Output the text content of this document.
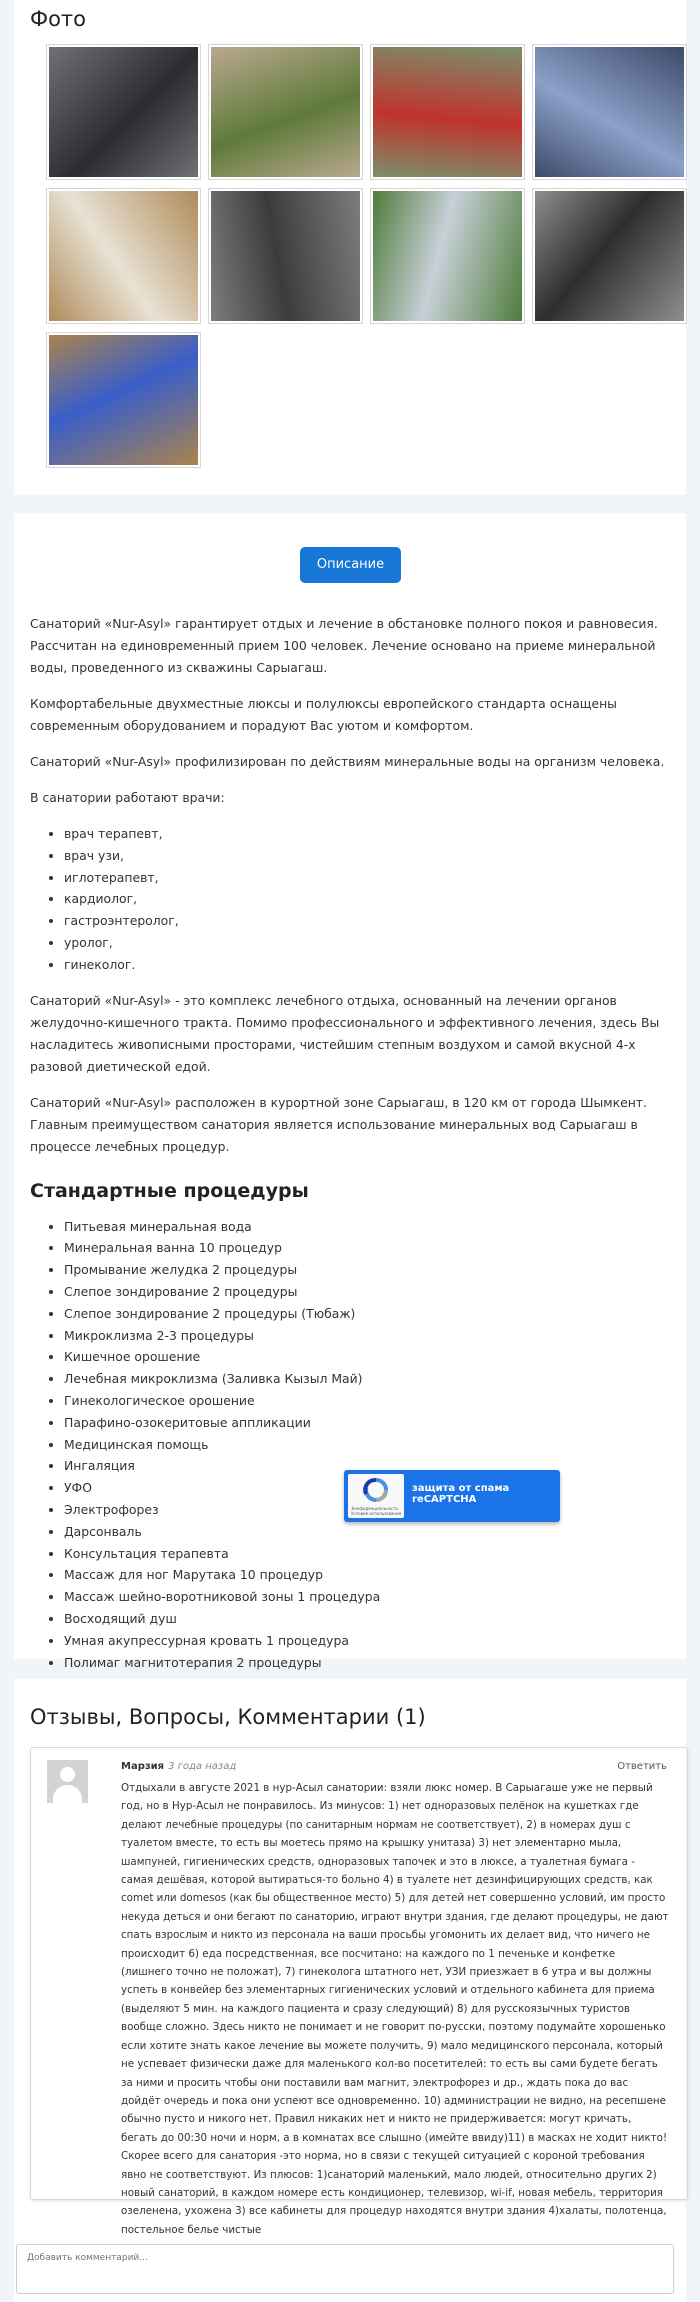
Фото
Описание

Санаторий «Nur-Asyl» гарантирует отдых и лечение в обстановке полного покоя и равновесия. Рассчитан на единовременный прием 100 человек. Лечение основано на приеме минеральной воды, проведенного из скважины Сарыагаш.

Комфортабельные двухместные люксы и полулюксы европейского стандарта оснащены современным оборудованием и порадуют Вас уютом и комфортом.

Санаторий «Nur-Asyl» профилизирован по действиям минеральные воды на организм человека.

В санатории работают врачи:

• врач терапевт,
• врач узи,
• иглотерапевт,
• кардиолог,
• гастроэнтеролог,
• уролог,
• гинеколог.

Санаторий «Nur-Asyl» - это комплекс лечебного отдыха, основанный на лечении органов желудочно-кишечного тракта. Помимо профессионального и эффективного лечения, здесь Вы насладитесь живописными просторами, чистейшим степным воздухом и самой вкусной 4-х разовой диетической едой.

Санаторий «Nur-Asyl» расположен в курортной зоне Сарыагаш, в 120 км от города Шымкент. Главным преимуществом санатория является использование минеральных вод Сарыагаш в процессе лечебных процедур.

Стандартные процедуры
• Питьевая минеральная вода
• Минеральная ванна 10 процедур
• Промывание желудка 2 процедуры
• Слепое зондирование 2 процедуры
• Слепое зондирование 2 процедуры (Тюбаж)
• Микроклизма 2-3 процедуры
• Кишечное орошение
• Лечебная микроклизма (Заливка Кызыл Май)
• Гинекологическое орошение
• Парафино-озокеритовые аппликации
• Медицинская помощь
• Ингаляция
• УФО
• Электрофорез
• Дарсонваль
• Консультация терапевта
• Массаж для ног Марутака 10 процедур
• Массаж шейно-воротниковой зоны 1 процедура
• Восходящий душ
• Умная акупрессурная кровать 1 процедура
• Полимаг магнитотерапия 2 процедуры
Конфиденциальность · Условия использования
защита от спама reCAPTCHA
Отзывы, Вопросы, Комментарии (1)
Марзия 3 года назад	Ответить
Отдыхали в августе 2021 в нур-Асыл санатории: взяли люкс номер. В Сарыагаше уже не первый год, но в Нур-Асыл не понравилось. Из минусов: 1) нет одноразовых пелёнок на кушетках где делают лечебные процедуры (по санитарным нормам не соответствует), 2) в номерах душ с туалетом вместе, то есть вы моетесь прямо на крышку унитаза) 3) нет элементарно мыла, шампуней, гигиенических средств, одноразовых тапочек и это в люксе, а туалетная бумага - самая дешёвая, которой вытираться-то больно 4) в туалете нет дезинфицирующих средств, как comet или domesos (как бы общественное место) 5) для детей нет совершенно условий, им просто некуда деться и они бегают по санаторию, играют внутри здания, где делают процедуры, не дают спать взрослым и никто из персонала на ваши просьбы угомонить их делает вид, что ничего не происходит 6) еда посредственная, все посчитано: на каждого по 1 печеньке и конфетке (лишнего точно не положат), 7) гинеколога штатного нет, УЗИ приезжает в 6 утра и вы должны успеть в конвейер без элементарных гигиенических условий и отдельного кабинета для приема (выделяют 5 мин. на каждого пациента и сразу следующий) 8) для русскоязычных туристов вообще сложно. Здесь никто не понимает и не говорит по-русски, поэтому подумайте хорошенько если хотите знать какое лечение вы можете получить, 9) мало медицинского персонала, который не успевает физически даже для маленького кол-во посетителей: то есть вы сами будете бегать за ними и просить чтобы они поставили вам магнит, электрофорез и др., ждать пока до вас дойдёт очередь и пока они успеют все одновременно. 10) администрации не видно, на ресепшене обычно пусто и никого нет. Правил никаких нет и никто не придерживается: могут кричать, бегать до 00:30 ночи и норм, а в комнатах все слышно (имейте ввиду)11) в масках не ходит никто! Скорее всего для санатория -это норма, но в связи с текущей ситуацией с короной требования явно не соответствуют. Из плюсов: 1)санаторий маленький, мало людей, относительно других 2) новый санаторий, в каждом номере есть кондиционер, телевизор, wi-if, новая мебель, территория озеленена, ухожена 3) все кабинеты для процедур находятся внутри здания 4)халаты, полотенца, постельное белье чистые
Добавить комментарий...
